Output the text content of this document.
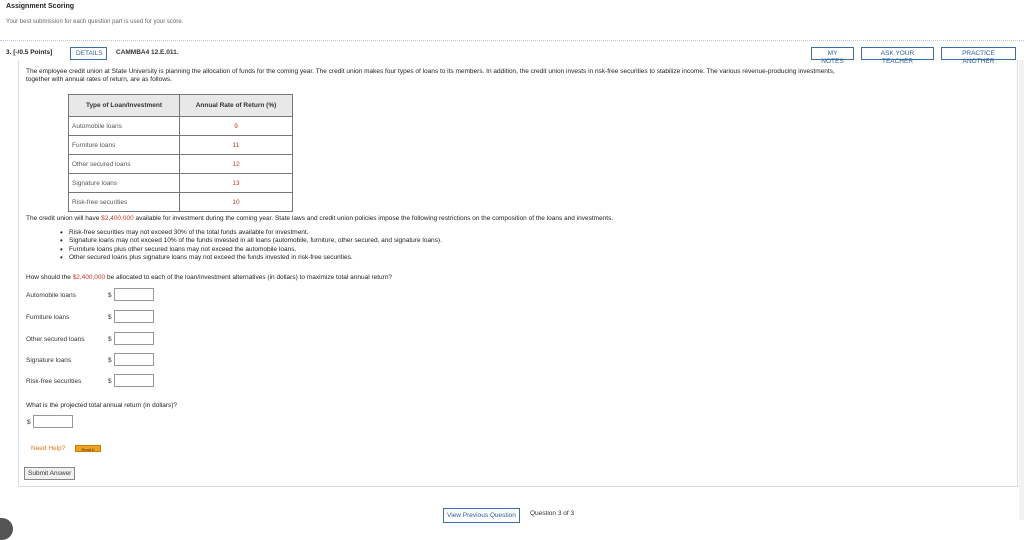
Assignment Scoring
Your best submission for each question part is used for your score.
3. [-/0.5 Points]	DETAILS	CAMMBA4 12.E.011.	MY NOTES
ASK YOUR TEACHER
PRACTICE ANOTHER
The employee credit union at State University is planning the allocation of funds for the coming year. The credit union makes four types of loans to its members. In addition, the credit union invests in risk-free securities to stabilize income. The various revenue-producing investments,
together with annual rates of return, are as follows.
Type of Loan/Investment	Annual Rate of Return (%)
Automobile loans	9
Furniture loans	11
Other secured loans	12
Signature loans	13
Risk-free securities	10
The credit union will have $2,400,000 available for investment during the coming year. State laws and credit union policies impose the following restrictions on the composition of the loans and investments.
• Risk-free securities may not exceed 30% of the total funds available for investment.
• Signature loans may not exceed 10% of the funds invested in all loans (automobile, furniture, other secured, and signature loans).
• Furniture loans plus other secured loans may not exceed the automobile loans.
• Other secured loans plus signature loans may not exceed the funds invested in risk-free securities.
How should the $2,400,000 be allocated to each of the loan/investment alternatives (in dollars) to maximize total annual return?
Automobile loans	$
Furniture loans	$
Other secured loans	$
Signature loans	$
Risk-free securities	$
What is the projected total annual return (in dollars)?
$
Need Help?	Read It
Submit Answer
View Previous Question	Question 3 of 3
